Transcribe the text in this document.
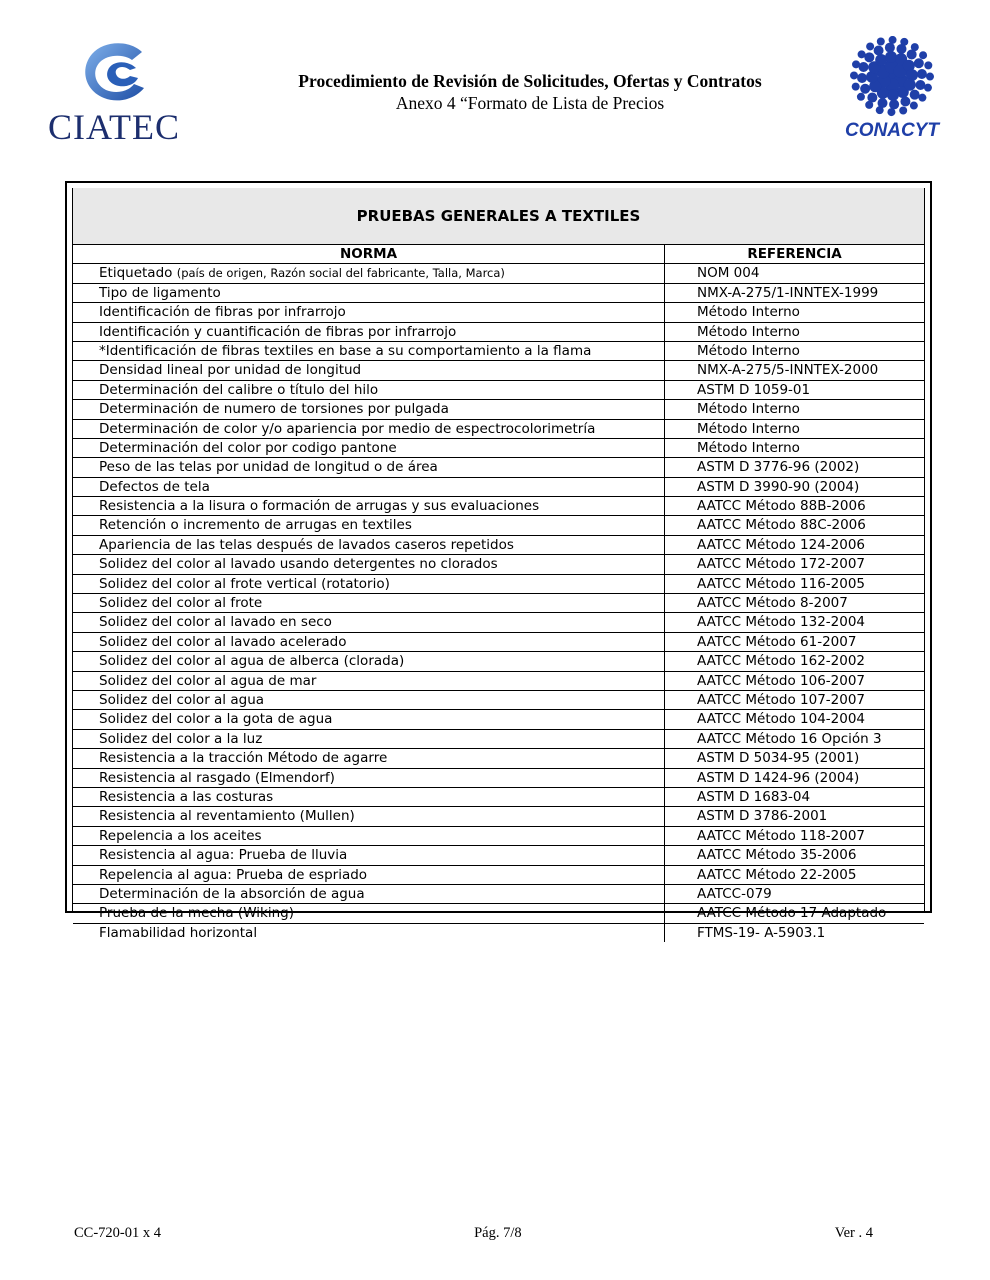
CIATEC
Procedimiento de Revisión de Solicitudes, Ofertas y Contratos
Anexo 4 “Formato de Lista de Precios
CONACYT
PRUEBAS GENERALES A TEXTILES
NORMA	REFERENCIA
Etiquetado (país de origen, Razón social del fabricante, Talla, Marca)	NOM 004
Tipo de ligamento	NMX-A-275/1-INNTEX-1999
Identificación de fibras por infrarrojo	Método Interno
Identificación y cuantificación de fibras por infrarrojo	Método Interno
*Identificación de fibras textiles en base a su comportamiento a la flama	Método Interno
Densidad lineal por unidad de longitud	NMX-A-275/5-INNTEX-2000
Determinación del calibre o título del hilo	ASTM D 1059-01
Determinación de numero de torsiones por pulgada	Método Interno
Determinación de color y/o apariencia por medio de espectrocolorimetría	Método Interno
Determinación del color por codigo pantone	Método Interno
Peso de las telas por unidad de longitud o de área	ASTM D 3776-96 (2002)
Defectos de tela	ASTM D 3990-90 (2004)
Resistencia a la lisura o formación de arrugas y sus evaluaciones	AATCC Método 88B-2006
Retención o incremento de arrugas en textiles	AATCC Método 88C-2006
Apariencia de las telas después de lavados caseros repetidos	AATCC Método 124-2006
Solidez del color al lavado usando detergentes no clorados	AATCC Método 172-2007
Solidez del color al frote vertical (rotatorio)	AATCC Método 116-2005
Solidez del color al frote	AATCC Método 8-2007
Solidez del color al lavado en seco	AATCC Método 132-2004
Solidez del color al lavado acelerado	AATCC Método 61-2007
Solidez del color al agua de alberca (clorada)	AATCC Método 162-2002
Solidez del color al agua de mar	AATCC Método 106-2007
Solidez del color al agua	AATCC Método 107-2007
Solidez del color a la gota de agua	AATCC Método 104-2004
Solidez del color a la luz	AATCC Método 16 Opción 3
Resistencia a la tracción Método de agarre	ASTM D 5034-95 (2001)
Resistencia al rasgado (Elmendorf)	ASTM D 1424-96 (2004)
Resistencia a las costuras	ASTM D 1683-04
Resistencia al reventamiento (Mullen)	ASTM D 3786-2001
Repelencia a los aceites	AATCC Método 118-2007
Resistencia al agua: Prueba de lluvia	AATCC Método 35-2006
Repelencia al agua: Prueba de espriado	AATCC Método 22-2005
Determinación de la absorción de agua	AATCC-079
Prueba de la mecha (Wiking)	AATCC Método 17 Adaptado
Flamabilidad horizontal	FTMS-19- A-5903.1
CC-720-01 x 4	Pág. 7/8	Ver . 4
